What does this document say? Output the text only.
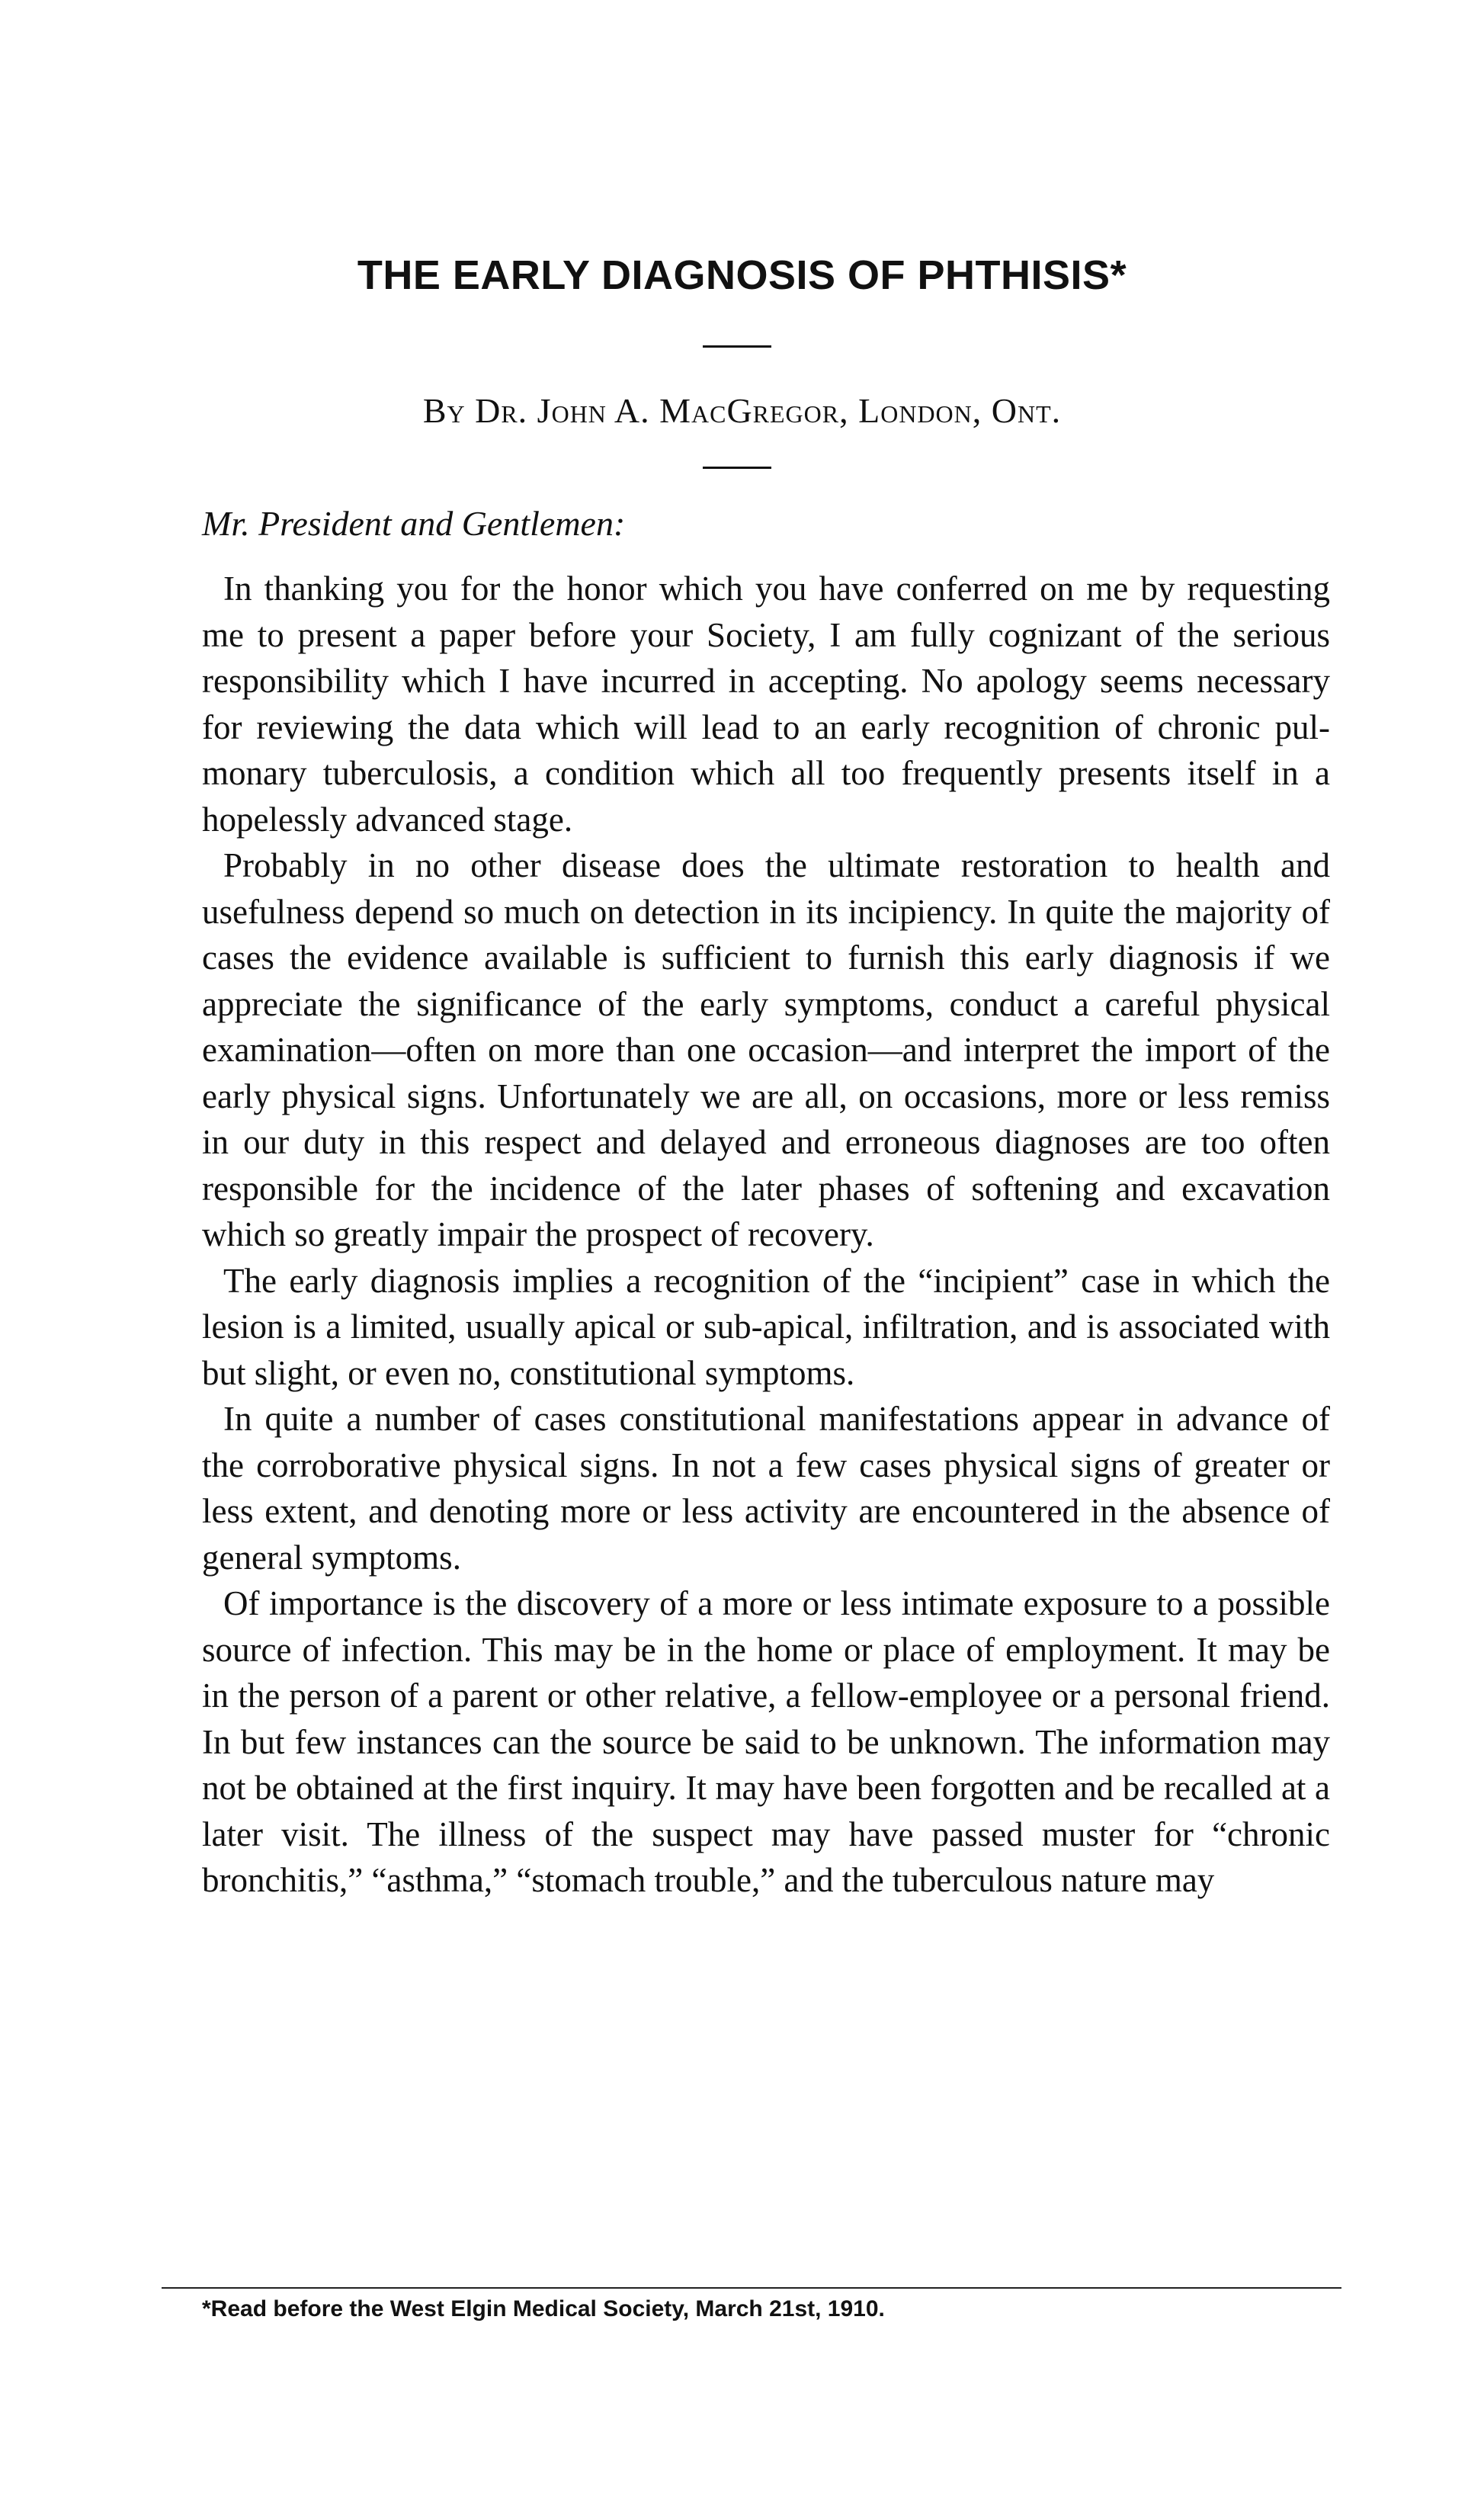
THE EARLY DIAGNOSIS OF PHTHISIS*

By Dr. John A. MacGregor, London, Ont.

Mr. President and Gentlemen:

In thanking you for the honor which you have conferred on me by requesting me to present a paper before your Society, I am fully cognizant of the serious responsibility which I have incurred in accepting. No apology seems necessary for reviewing the data which will lead to an early recognition of chronic pulmonary tuberculosis, a condition which all too frequently presents itself in a hopelessly advanced stage.

Probably in no other disease does the ultimate restoration to health and usefulness depend so much on detection in its incipiency. In quite the majority of cases the evidence available is sufficient to furnish this early diagnosis if we appreciate the significance of the early symptoms, conduct a careful physical examination—often on more than one occasion—and interpret the import of the early physical signs. Unfortunately we are all, on occasions, more or less remiss in our duty in this respect and delayed and erroneous diagnoses are too often responsible for the incidence of the later phases of softening and excavation which so greatly impair the prospect of recovery.

The early diagnosis implies a recognition of the “incipient” case in which the lesion is a limited, usually apical or sub-apical, infiltration, and is associated with but slight, or even no, constitutional symptoms.

In quite a number of cases constitutional manifestations appear in advance of the corroborative physical signs. In not a few cases physical signs of greater or less extent, and denoting more or less activity are encountered in the absence of general symptoms.

Of importance is the discovery of a more or less intimate exposure to a possible source of infection. This may be in the home or place of employment. It may be in the person of a parent or other relative, a fellow-employee or a personal friend. In but few instances can the source be said to be unknown. The information may not be obtained at the first inquiry. It may have been forgotten and be recalled at a later visit. The illness of the suspect may have passed muster for “chronic bronchitis,” “asthma,” “stomach trouble,” and the tuberculous nature may

*Read before the West Elgin Medical Society, March 21st, 1910.
